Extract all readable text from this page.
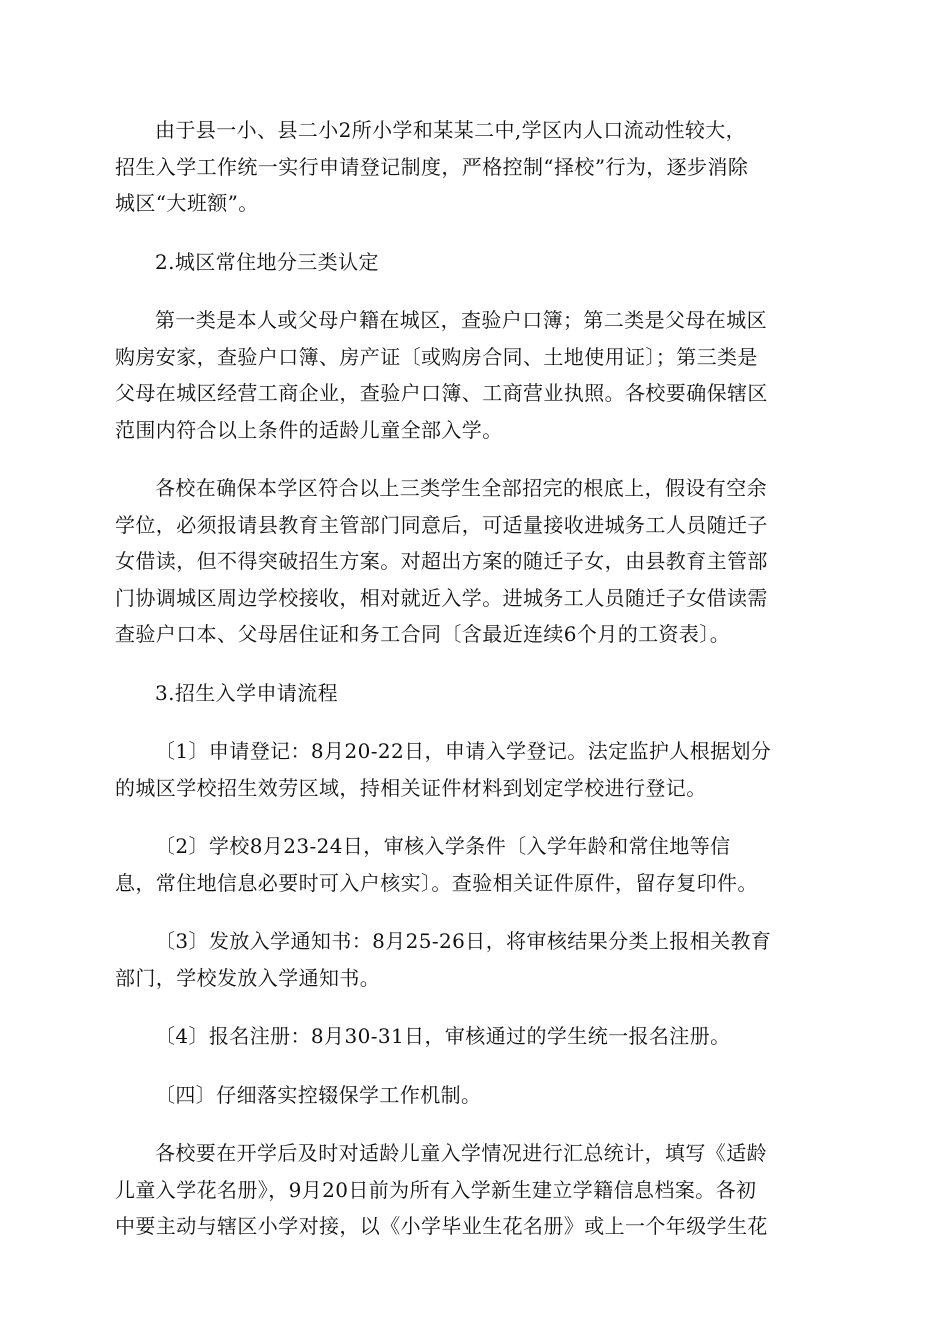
由于县一小、县二小2所小学和某某二中,学区内人口流动性较大，
招生入学工作统一实行申请登记制度，严格控制“择校”行为，逐步消除
城区“大班额”。

2.城区常住地分三类认定

第一类是本人或父母户籍在城区，查验户口簿；第二类是父母在城区
购房安家，查验户口簿、房产证〔或购房合同、土地使用证〕；第三类是
父母在城区经营工商企业，查验户口簿、工商营业执照。各校要确保辖区
范围内符合以上条件的适龄儿童全部入学。

各校在确保本学区符合以上三类学生全部招完的根底上，假设有空余
学位，必须报请县教育主管部门同意后，可适量接收进城务工人员随迁子
女借读，但不得突破招生方案。对超出方案的随迁子女，由县教育主管部
门协调城区周边学校接收，相对就近入学。进城务工人员随迁子女借读需
查验户口本、父母居住证和务工合同〔含最近连续6个月的工资表〕。

3.招生入学申请流程

〔1〕申请登记：8月20-22日，申请入学登记。法定监护人根据划分
的城区学校招生效劳区域，持相关证件材料到划定学校进行登记。

〔2〕学校8月23-24日，审核入学条件〔入学年龄和常住地等信
息，常住地信息必要时可入户核实〕。查验相关证件原件，留存复印件。

〔3〕发放入学通知书：8月25-26日，将审核结果分类上报相关教育
部门，学校发放入学通知书。

〔4〕报名注册：8月30-31日，审核通过的学生统一报名注册。

〔四〕仔细落实控辍保学工作机制。

各校要在开学后及时对适龄儿童入学情况进行汇总统计，填写《适龄
儿童入学花名册》，9月20日前为所有入学新生建立学籍信息档案。各初
中要主动与辖区小学对接，以《小学毕业生花名册》或上一个年级学生花
